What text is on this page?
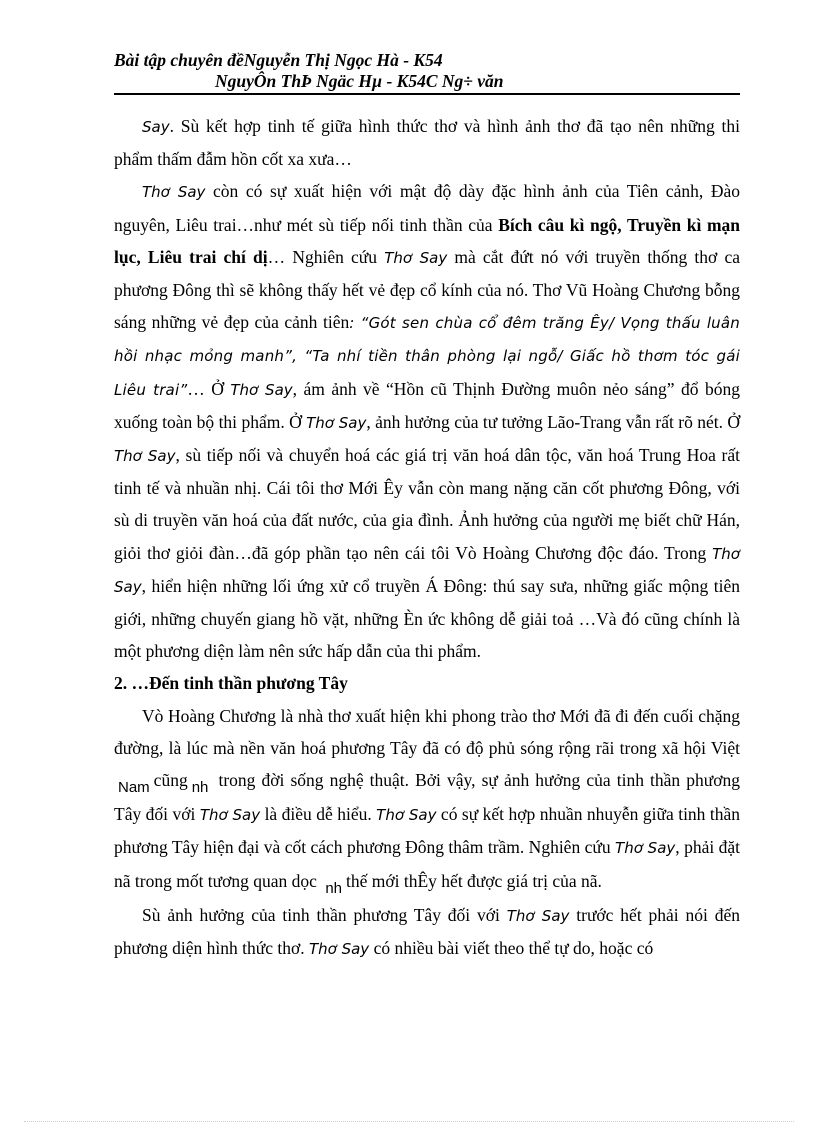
Bài tập chuyên đềNguyễn Thị Ngọc Hà - K54
NguyÔn ThÞ Ngäc Hµ - K54C Ng÷ văn

Say. Sù kết hợp tinh tế giữa hình thức thơ và hình ảnh thơ đã tạo nên những thi phẩm thấm đẫm hồn cốt xa xưa…

Thơ Say còn có sự xuất hiện với mật độ dày đặc hình ảnh của Tiên cảnh, Đào nguyên, Liêu trai…như mét sù tiếp nối tinh thần của Bích câu kì ngộ, Truyền kì mạn lục, Liêu trai chí dị… Nghiên cứu Thơ Say mà cắt đứt nó với truyền thống thơ ca phương Đông thì sẽ không thấy hết vẻ đẹp cổ kính của nó. Thơ Vũ Hoàng Chương bỗng sáng những vẻ đẹp của cảnh tiên: “Gót sen chùa cổ đêm trăng Êy/ Vọng thấu luân hồi nhạc mỏng manh”, “Ta nhí tiền thân phòng lại ngỗ/ Giấc hồ thơm tóc gái Liêu trai”… Ở Thơ Say, ám ảnh về “Hồn cũ Thịnh Đường muôn nẻo sáng” đổ bóng xuống toàn bộ thi phẩm. Ở Thơ Say, ảnh hưởng của tư tưởng Lão-Trang vẫn rất rõ nét. Ở Thơ Say, sù tiếp nối và chuyển hoá các giá trị văn hoá dân tộc, văn hoá Trung Hoa rất tinh tế và nhuần nhị. Cái tôi thơ Mới Êy vẫn còn mang nặng căn cốt phương Đông, với sù di truyền văn hoá của đất nước, của gia đình. Ảnh hưởng của người mẹ biết chữ Hán, giỏi thơ giỏi đàn…đã góp phần tạo nên cái tôi Vò Hoàng Chương độc đáo. Trong Thơ Say, hiển hiện những lối ứng xử cổ truyền Á Đông: thú say sưa, những giấc mộng tiên giới, những chuyến giang hồ vặt, những Èn ức không dễ giải toả …Và đó cũng chính là một phương diện làm nên sức hấp dẫn của thi phẩm.

2. …Đến tinh thần phương Tây

Vò Hoàng Chương là nhà thơ xuất hiện khi phong trào thơ Mới đã đi đến cuối chặng đường, là lúc mà nền văn hoá phương Tây đã có độ phủ sóng rộng rãi trong xã hội Việt Nam cũng nh trong đời sống nghệ thuật. Bởi vậy, sự ảnh hưởng của tinh thần phương Tây đối với Thơ Say là điều dễ hiểu. Thơ Say có sự kết hợp nhuần nhuyễn giữa tinh thần phương Tây hiện đại và cốt cách phương Đông thâm trầm. Nghiên cứu Thơ Say, phải đặt nã trong mốt tương quan dọc nh thế mới thÊy hết được giá trị của nã.

Sù ảnh hưởng của tinh thần phương Tây đối với Thơ Say trước hết phải nói đến phương diện hình thức thơ. Thơ Say có nhiều bài viết theo thể tự do, hoặc có
